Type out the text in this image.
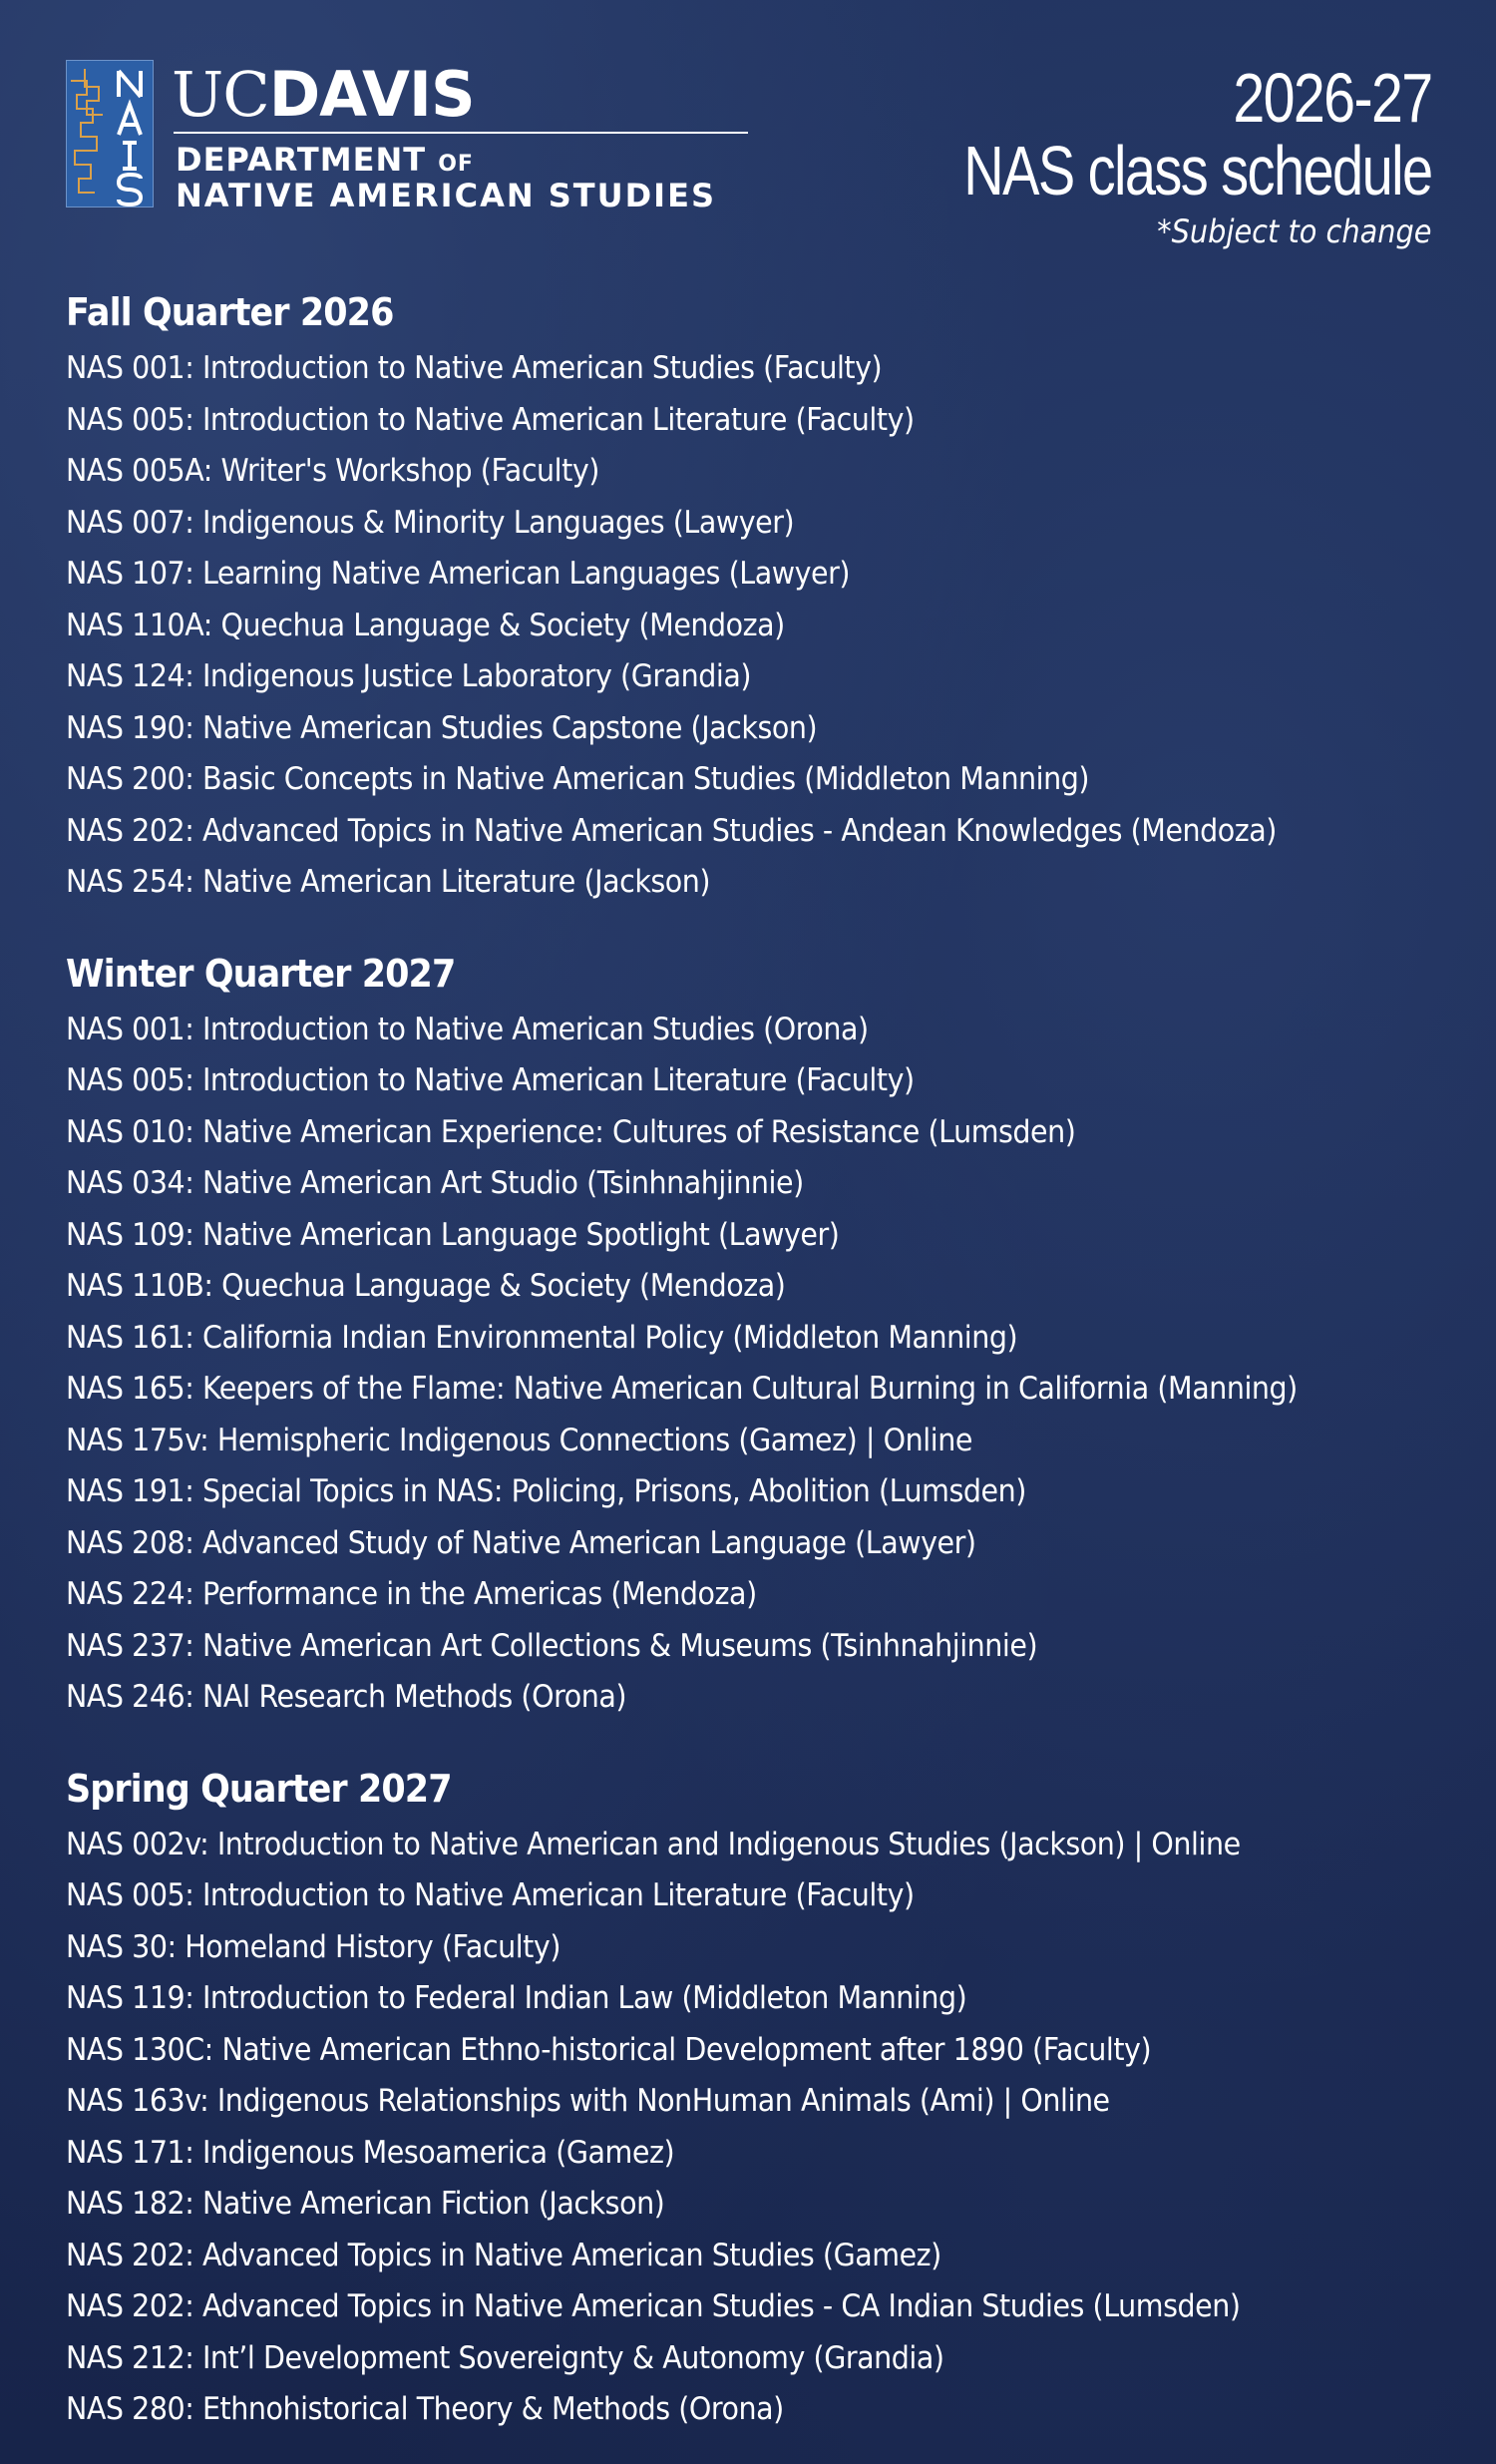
UCDAVIS
DEPARTMENT OF
NATIVE AMERICAN STUDIES
2026-27
NAS class schedule
*Subject to change
Fall Quarter 2026
NAS 001: Introduction to Native American Studies (Faculty)
NAS 005: Introduction to Native American Literature (Faculty)
NAS 005A: Writer's Workshop (Faculty)
NAS 007: Indigenous & Minority Languages (Lawyer)
NAS 107: Learning Native American Languages (Lawyer)
NAS 110A: Quechua Language & Society (Mendoza)
NAS 124: Indigenous Justice Laboratory (Grandia)
NAS 190: Native American Studies Capstone (Jackson)
NAS 200: Basic Concepts in Native American Studies (Middleton Manning)
NAS 202: Advanced Topics in Native American Studies - Andean Knowledges (Mendoza)
NAS 254: Native American Literature (Jackson)
Winter Quarter 2027
NAS 001: Introduction to Native American Studies (Orona)
NAS 005: Introduction to Native American Literature (Faculty)
NAS 010: Native American Experience: Cultures of Resistance (Lumsden)
NAS 034: Native American Art Studio (Tsinhnahjinnie)
NAS 109: Native American Language Spotlight (Lawyer)
NAS 110B: Quechua Language & Society (Mendoza)
NAS 161: California Indian Environmental Policy (Middleton Manning)
NAS 165: Keepers of the Flame: Native American Cultural Burning in California (Manning)
NAS 175v: Hemispheric Indigenous Connections (Gamez) | Online
NAS 191: Special Topics in NAS: Policing, Prisons, Abolition (Lumsden)
NAS 208: Advanced Study of Native American Language (Lawyer)
NAS 224: Performance in the Americas (Mendoza)
NAS 237: Native American Art Collections & Museums (Tsinhnahjinnie)
NAS 246: NAI Research Methods (Orona)
Spring Quarter 2027
NAS 002v: Introduction to Native American and Indigenous Studies (Jackson) | Online
NAS 005: Introduction to Native American Literature (Faculty)
NAS 30: Homeland History (Faculty)
NAS 119: Introduction to Federal Indian Law (Middleton Manning)
NAS 130C: Native American Ethno-historical Development after 1890 (Faculty)
NAS 163v: Indigenous Relationships with NonHuman Animals (Ami) | Online
NAS 171: Indigenous Mesoamerica (Gamez)
NAS 182: Native American Fiction (Jackson)
NAS 202: Advanced Topics in Native American Studies (Gamez)
NAS 202: Advanced Topics in Native American Studies - CA Indian Studies (Lumsden)
NAS 212: Int’l Development Sovereignty & Autonomy (Grandia)
NAS 280: Ethnohistorical Theory & Methods (Orona)
